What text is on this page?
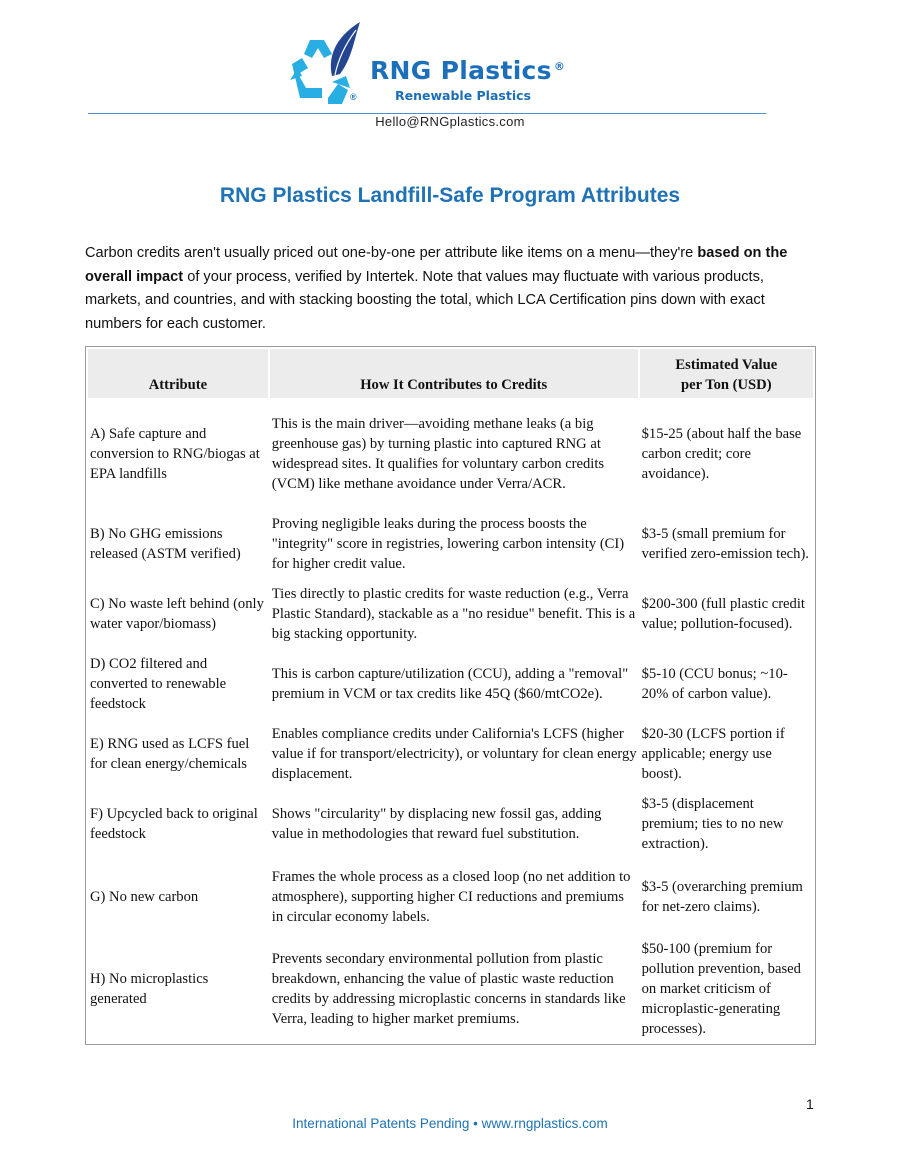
®
RNG Plastics ®
Renewable Plastics
Hello@RNGplastics.com
RNG Plastics Landfill-Safe Program Attributes

Carbon credits aren't usually priced out one-by-one per attribute like items on a menu—they're based on the overall impact of your process, verified by Intertek. Note that values may fluctuate with various products, markets, and countries, and with stacking boosting the total, which LCA Certification pins down with exact numbers for each customer.

Attribute	How It Contributes to Credits	Estimated Value
per Ton (USD)
A) Safe capture and conversion to RNG/biogas at EPA landfills	This is the main driver—avoiding methane leaks (a big greenhouse gas) by turning plastic into captured RNG at widespread sites. It qualifies for voluntary carbon credits (VCM) like methane avoidance under Verra/ACR.	$15-25 (about half the base carbon credit; core avoidance).
B) No GHG emissions released (ASTM verified)	Proving negligible leaks during the process boosts the "integrity" score in registries, lowering carbon intensity (CI) for higher credit value.	$3-5 (small premium for verified zero-emission tech).
C) No waste left behind (only water vapor/biomass)	Ties directly to plastic credits for waste reduction (e.g., Verra Plastic Standard), stackable as a "no residue" benefit. This is a big stacking opportunity.	$200-300 (full plastic credit value; pollution-focused).
D) CO2 filtered and converted to renewable feedstock	This is carbon capture/utilization (CCU), adding a "removal" premium in VCM or tax credits like 45Q ($60/mtCO2e).	$5-10 (CCU bonus; ~10-20% of carbon value).
E) RNG used as LCFS fuel for clean energy/chemicals	Enables compliance credits under California's LCFS (higher value if for transport/electricity), or voluntary for clean energy displacement.	$20-30 (LCFS portion if applicable; energy use boost).
F) Upcycled back to original feedstock	Shows "circularity" by displacing new fossil gas, adding value in methodologies that reward fuel substitution.	$3-5 (displacement premium; ties to no new extraction).
G) No new carbon	Frames the whole process as a closed loop (no net addition to atmosphere), supporting higher CI reductions and premiums in circular economy labels.	$3-5 (overarching premium for net-zero claims).
H) No microplastics generated	Prevents secondary environmental pollution from plastic breakdown, enhancing the value of plastic waste reduction credits by addressing microplastic concerns in standards like Verra, leading to higher market premiums.	$50-100 (premium for pollution prevention, based on market criticism of microplastic-generating processes).
1
International Patents Pending • www.rngplastics.com
